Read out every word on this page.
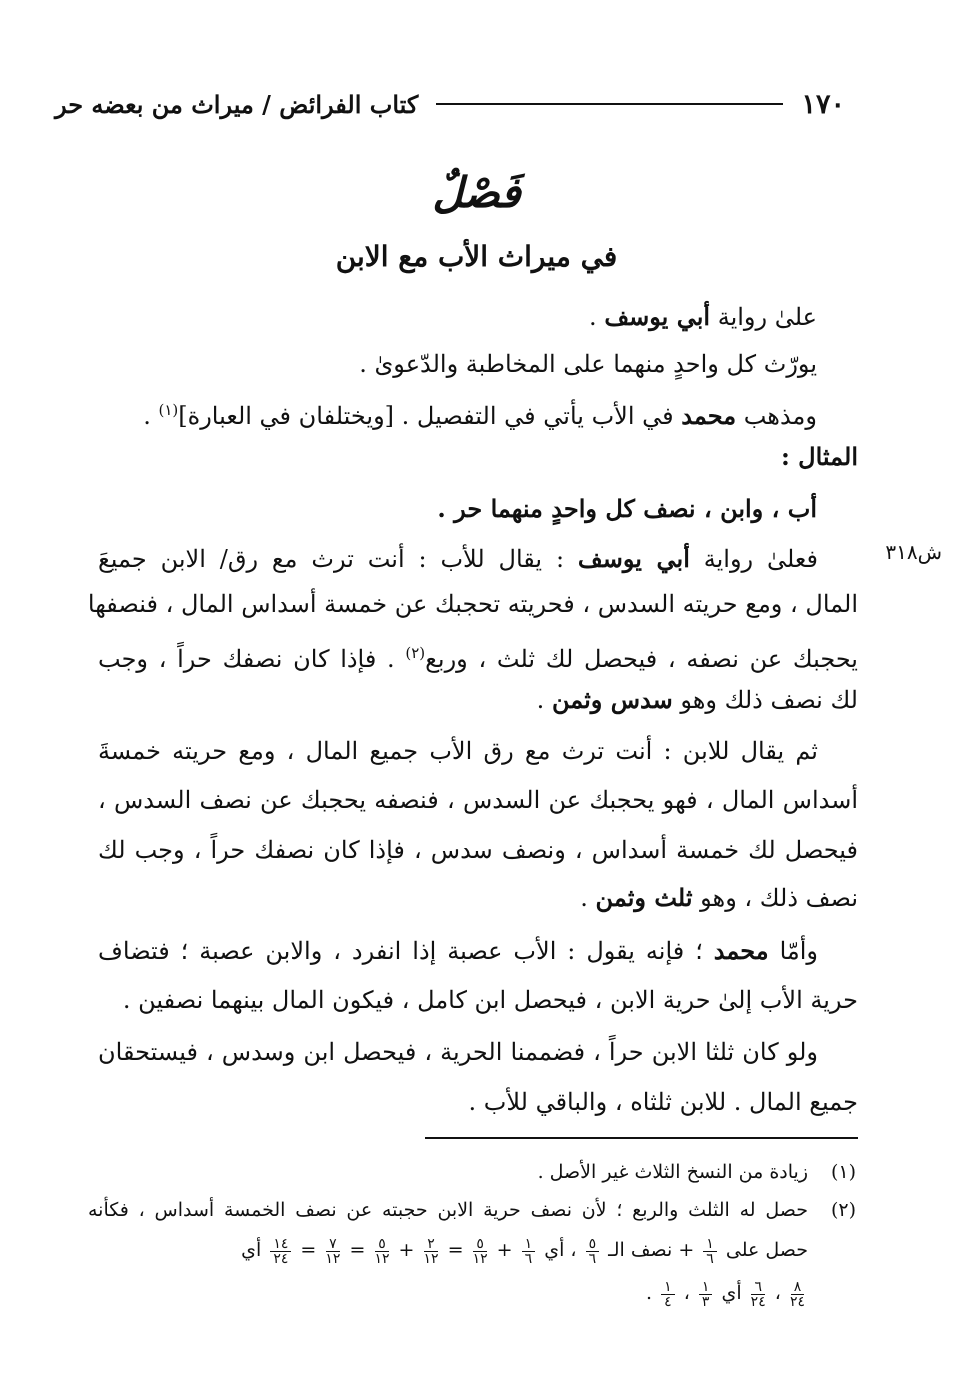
١٧٠
كتاب الفرائض / ميراث من بعضه حر
فَصْلٌ
في ميراث الأب مع الابن
ش٣١٨
علىٰ رواية أبي يوسف .
يورّث كل واحدٍ منهما على المخاطبة والدّعوىٰ .
ومذهب محمد في الأب يأتي في التفصيل . [ويختلفان في العبارة]$^{(١)}$ .
المثال :
أب ، وابن ، نصف كل واحدٍ منهما حر .
فعلىٰ رواية أبي يوسف : يقال للأب : أنت ترث مع رق/ الابن جميعَ
المال ، ومع حريته السدس ، فحريته تحجبك عن خمسة أسداس المال ، فنصفها
يحجبك عن نصفه ، فيحصل لك ثلث ، وربع$^{(٢)}$ . فإذا كان نصفك حراً ، وجب
لك نصف ذلك وهو سدس وثمن .
ثم يقال للابن : أنت ترث مع رق الأب جميع المال ، ومع حريته خمسةَ
أسداس المال ، فهو يحجبك عن السدس ، فنصفه يحجبك عن نصف السدس ،
فيحصل لك خمسة أسداس ، ونصف سدس ، فإذا كان نصفك حراً ، وجب لك
نصف ذلك ، وهو ثلث وثمن .
وأمّا محمد ؛ فإنه يقول : الأب عصبة إذا انفرد ، والابن عصبة ؛ فتضاف
حرية الأب إلىٰ حرية الابن ، فيحصل ابن كامل ، فيكون المال بينهما نصفين .
ولو كان ثلثا الابن حراً ، فضممنا الحرية ، فيحصل ابن وسدس ، فيستحقان
جميع المال . للابن ثلثاه ، والباقي للأب .
(١)
زيادة من النسخ الثلاث غير الأصل .
(٢)
حصل له الثلث والربع ؛ لأن نصف حرية الابن حجبته عن نصف الخمسة أسداس ، فكأنه
حصل على
$\frac{١}{٦}$
+ نصف الـ
$\frac{٥}{٦}$
، أي
$\frac{١}{٦}$
+
$\frac{٥}{١٢}$
=
$\frac{٢}{١٢}$
+
$\frac{٥}{١٢}$
=
$\frac{٧}{١٢}$
=
$\frac{١٤}{٢٤}$
أي
$\frac{٨}{٢٤}$
،
$\frac{٦}{٢٤}$
أي
$\frac{١}{٣}$
،
$\frac{١}{٤}$
.
